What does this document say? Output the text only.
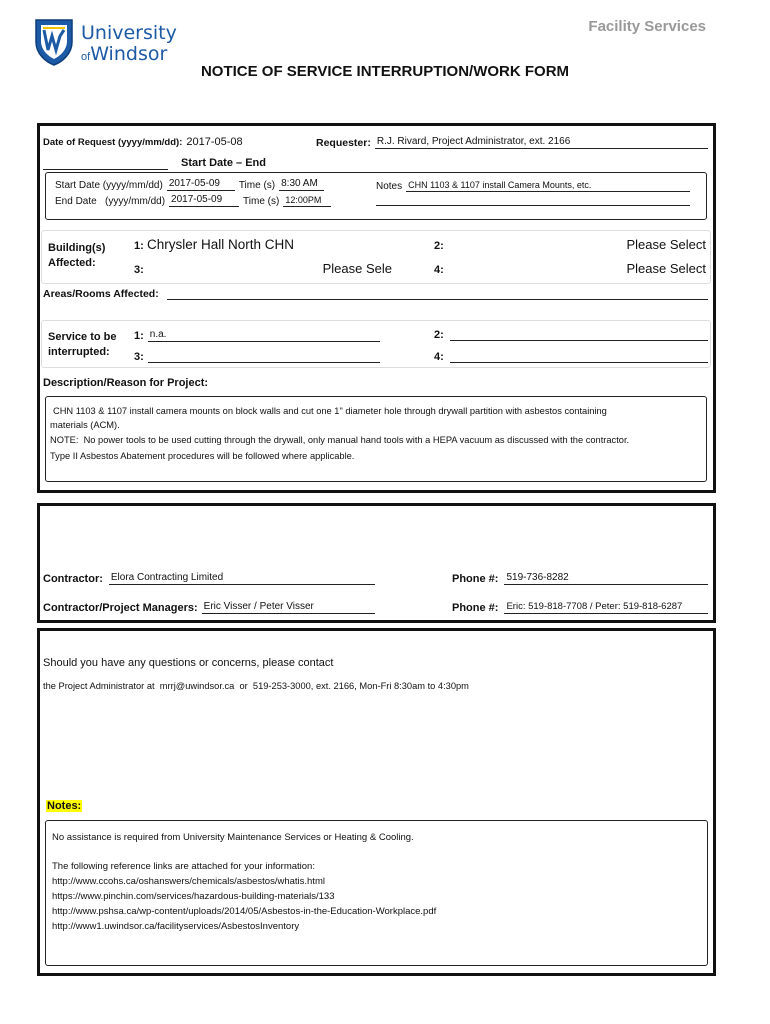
University
ofWindsor
Facility Services
NOTICE OF SERVICE INTERRUPTION/WORK FORM
Date of Request (yyyy/mm/dd): 2017-05-08	Requester: R.J. Rivard, Project Administrator, ext. 2166
Start Date – End
Start Date (yyyy/mm/dd) 2017-05-09	Time (s) 8:30 AM
End Date   (yyyy/mm/dd) 2017-05-09	Time (s) 12:00PM
Notes CHN 1103 & 1107 install Camera Mounts, etc.
Building(s)
Affected:
1: Chrysler Hall North CHN	2:	Please Select
3:	Please Sele	4:	Please Select
Areas/Rooms Affected:
Service to be
interrupted:
1: n.a.	2:
3:	4:
Description/Reason for Project:
CHN 1103 & 1107 install camera mounts on block walls and cut one 1" diameter hole through drywall partition with asbestos containing
materials (ACM).
NOTE:  No power tools to be used cutting through the drywall, only manual hand tools with a HEPA vacuum as discussed with the contractor.
Type II Asbestos Abatement procedures will be followed where applicable.
Contractor: Elora Contracting Limited	Phone #: 519-736-8282
Contractor/Project Managers: Eric Visser / Peter Visser	Phone #: Eric: 519-818-7708 / Peter: 519-818-6287
Should you have any questions or concerns, please contact
the Project Administrator at  mrrj@uwindsor.ca  or  519-253-3000, ext. 2166, Mon-Fri 8:30am to 4:30pm
Notes:
No assistance is required from University Maintenance Services or Heating & Cooling.
The following reference links are attached for your information:
http://www.ccohs.ca/oshanswers/chemicals/asbestos/whatis.html
https://www.pinchin.com/services/hazardous-building-materials/133
http://www.pshsa.ca/wp-content/uploads/2014/05/Asbestos-in-the-Education-Workplace.pdf
http://www1.uwindsor.ca/facilityservices/AsbestosInventory
